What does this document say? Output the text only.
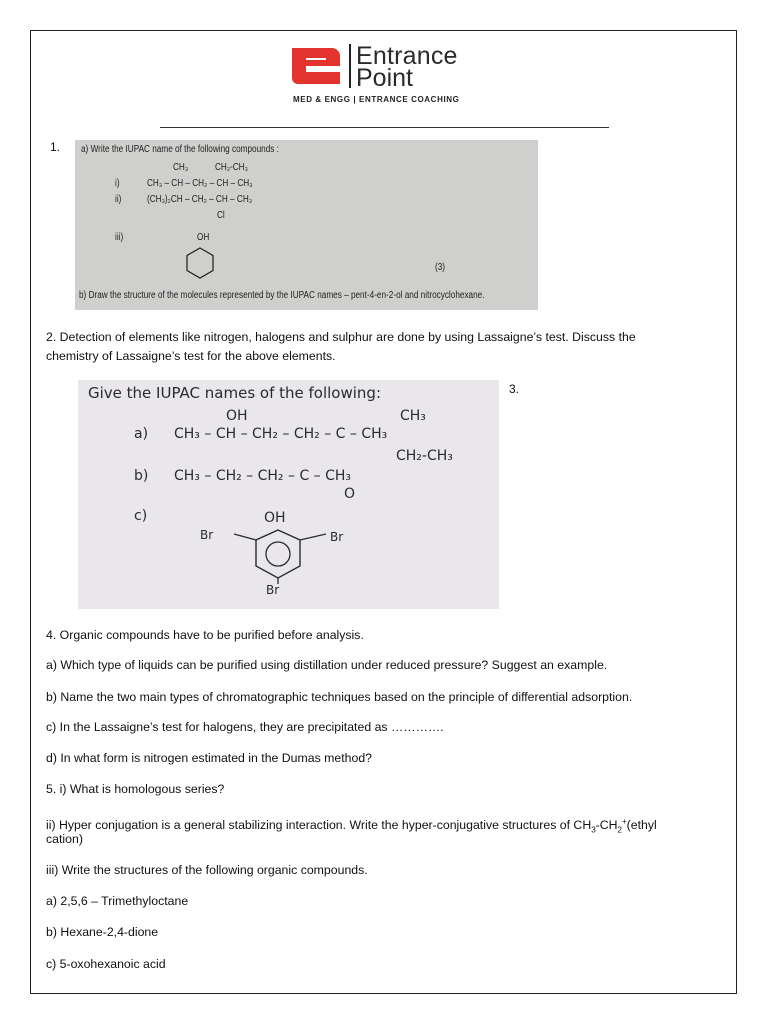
Entrance
Point
MED & ENGG | ENTRANCE COACHING
1. a) Write the IUPAC name of the following compounds :
CH₃	CH₂-CH₃
i)	CH₃ – CH – CH₂ – CH – CH₃
ii)	(CH₃)₂CH – CH₂ – CH – CH₃
Cl
iii)	OH
(3)
b) Draw the structure of the molecules represented by the IUPAC names – pent-4-en-2-ol and nitrocyclohexane.
2. Detection of elements like nitrogen, halogens and sulphur are done by using Lassaigne’s test. Discuss the
chemistry of Lassaigne’s test for the above elements.
3.
Give the IUPAC names of the following:
OH	CH₃
a) CH₃ – CH – CH₂ – CH₂ – C – CH₃
CH₂-CH₃
b) CH₃ – CH₂ – CH₂ – C – CH₃
O
c)	OH
Br	Br
Br
4. Organic compounds have to be purified before analysis.
a) Which type of liquids can be purified using distillation under reduced pressure? Suggest an example.
b) Name the two main types of chromatographic techniques based on the principle of differential adsorption.
c) In the Lassaigne’s test for halogens, they are precipitated as ………….
d) In what form is nitrogen estimated in the Dumas method?
5. i) What is homologous series?
ii) Hyper conjugation is a general stabilizing interaction. Write the hyper-conjugative structures of $CH_3-CH_2^+(ethyl$
cation)
iii) Write the structures of the following organic compounds.
a) 2,5,6 – Trimethyloctane
b) Hexane-2,4-dione
c) 5-oxohexanoic acid
